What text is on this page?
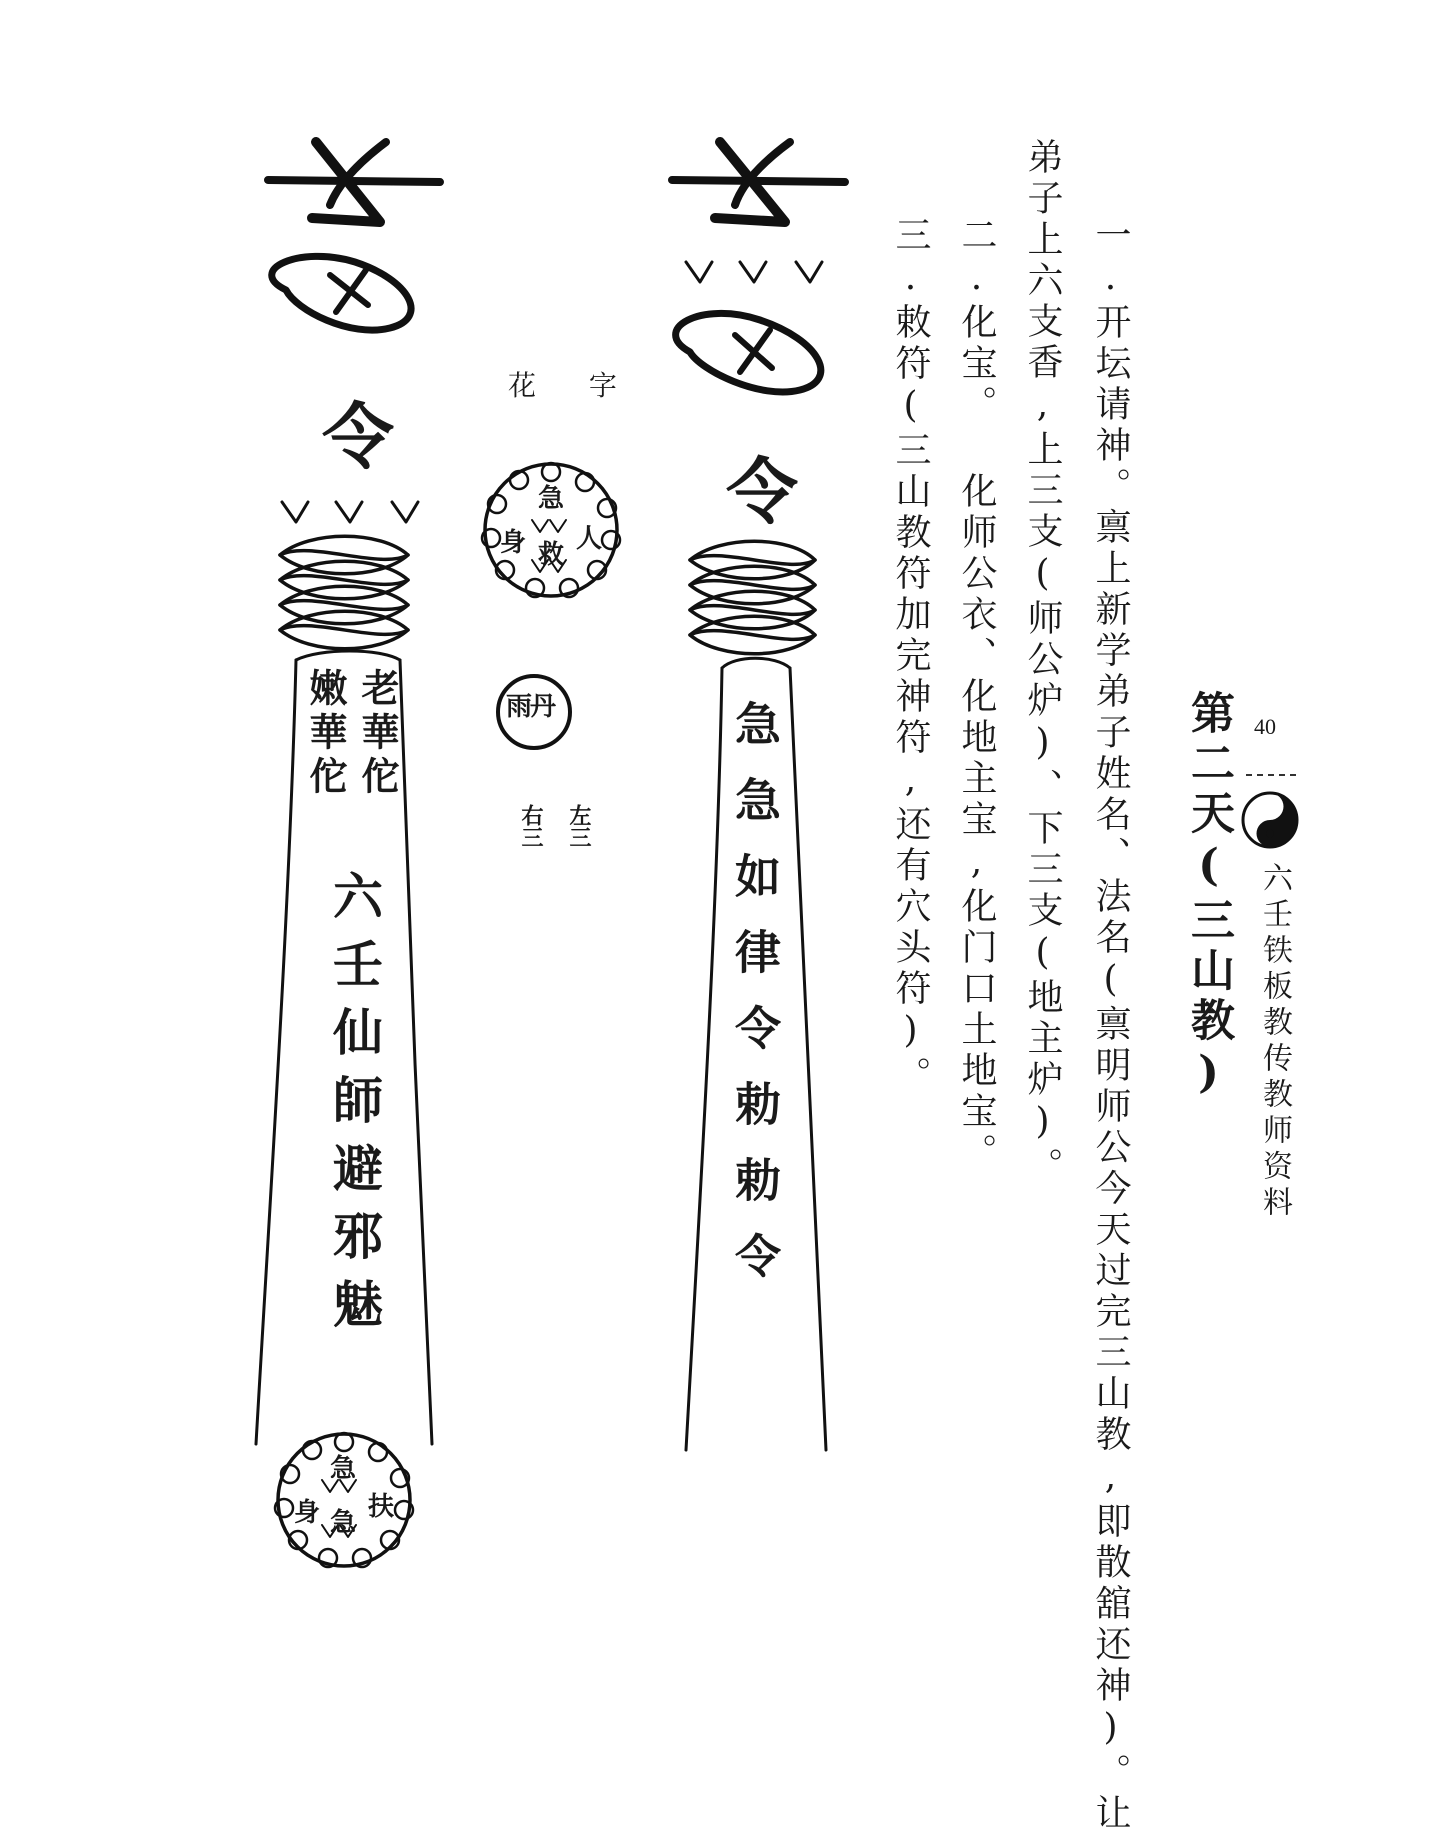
40
六壬铁板教传教师资料
第二天(三山教)
一.开坛请神。禀上新学弟子姓名、法名(禀明师公今天过完三山教,即散舘还神)。让
弟子上六支香,上三支(师公炉)、下三支(地主炉)。
二.化宝。 化师公衣、化地主宝,化门口土地宝。
三.敕符(三山教符加完神符,还有穴头符)。
令
急急如律令勅勅令
令
老華佗
嫩華佗
六壬仙師避邪魅
急
身 扶
急
花 字
急
身 人
救
雨丹
左三
右三
